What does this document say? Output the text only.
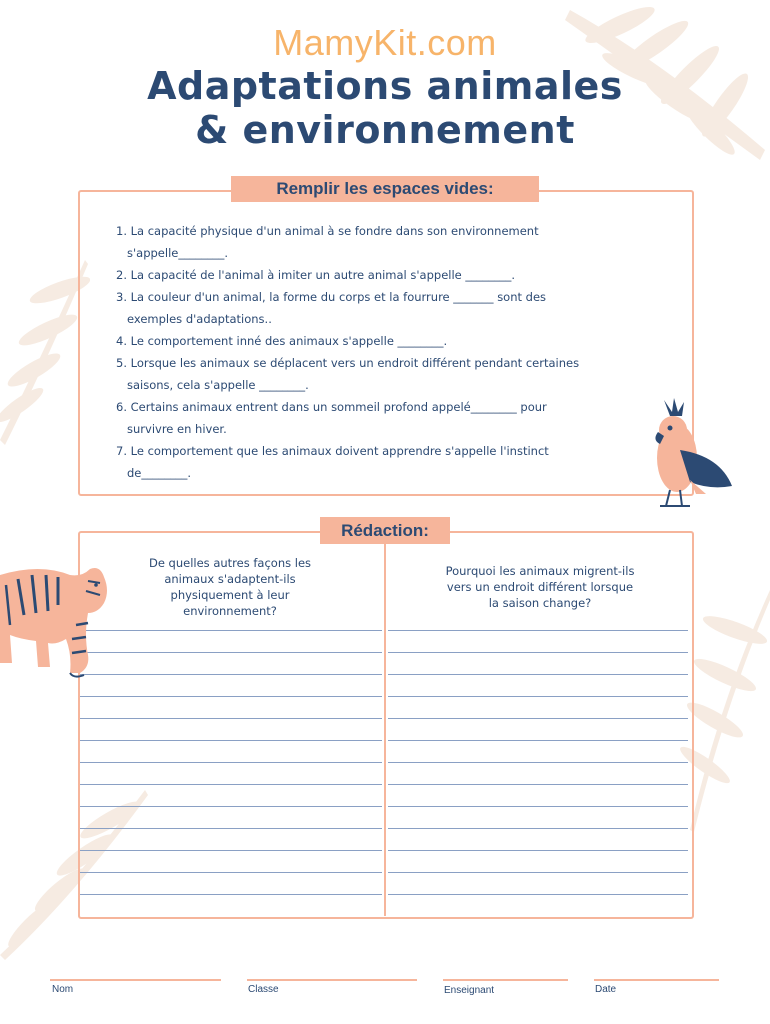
MamyKit.com
Adaptations animales
& environnement
Remplir les espaces vides:
1. La capacité physique d'un animal à se fondre dans son environnement
s'appelle________.
2. La capacité de l'animal à imiter un autre animal s'appelle ________.
3. La couleur d'un animal, la forme du corps et la fourrure _______ sont des
exemples d'adaptations..
4. Le comportement inné des animaux s'appelle ________.
5. Lorsque les animaux se déplacent vers un endroit différent pendant certaines
saisons, cela s'appelle ________.
6. Certains animaux entrent dans un sommeil profond appelé________ pour
survivre en hiver.
7. Le comportement que les animaux doivent apprendre s'appelle l'instinct
de________.
Rédaction:
De quelles autres façons les
animaux s'adaptent-ils
physiquement à leur
environnement?
Pourquoi les animaux migrent-ils
vers un endroit différent lorsque
la saison change?
Nom	Classe	Enseignant	Date
